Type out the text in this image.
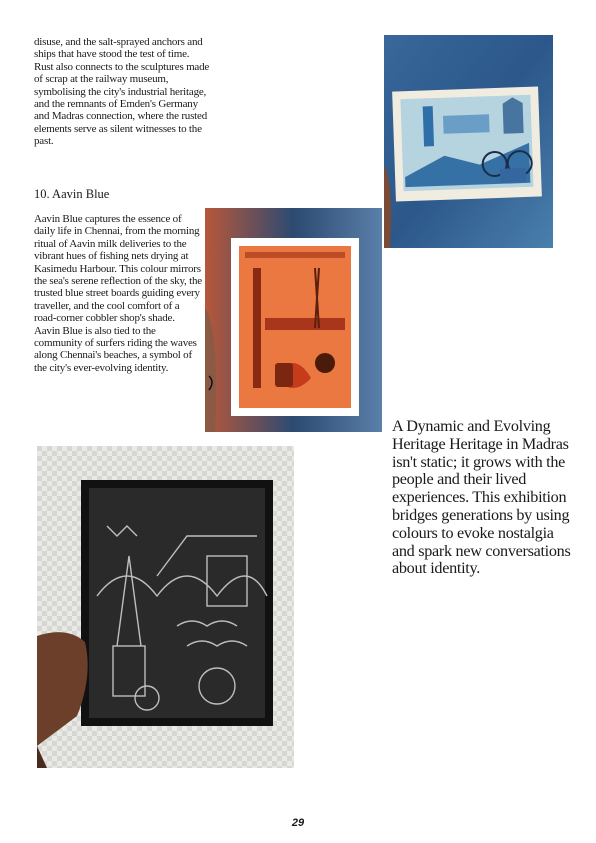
disuse, and the salt-sprayed anchors and ships that have stood the test of time. Rust also connects to the sculptures made of scrap at the railway museum, symbolising the city's industrial heritage, and the remnants of Emden's Germany and Madras connection, where the rusted elements serve as silent witnesses to the past.
10. Aavin Blue
Aavin Blue captures the essence of daily life in Chennai, from the morning ritual of Aavin milk deliveries to the vibrant hues of fishing nets drying at Kasimedu Harbour. This colour mirrors the sea's serene reflection of the sky, the trusted blue street boards guiding every traveller, and the cool comfort of a road-corner cobbler shop's shade. Aavin Blue is also tied to the community of surfers riding the waves along Chennai's beaches, a symbol of the city's ever-evolving identity.
A Dynamic and Evolving Heritage Heritage in Madras isn't static; it grows with the people and their lived experiences. This exhibition bridges generations by using colours to evoke nostalgia and spark new conversations about identity.
29
